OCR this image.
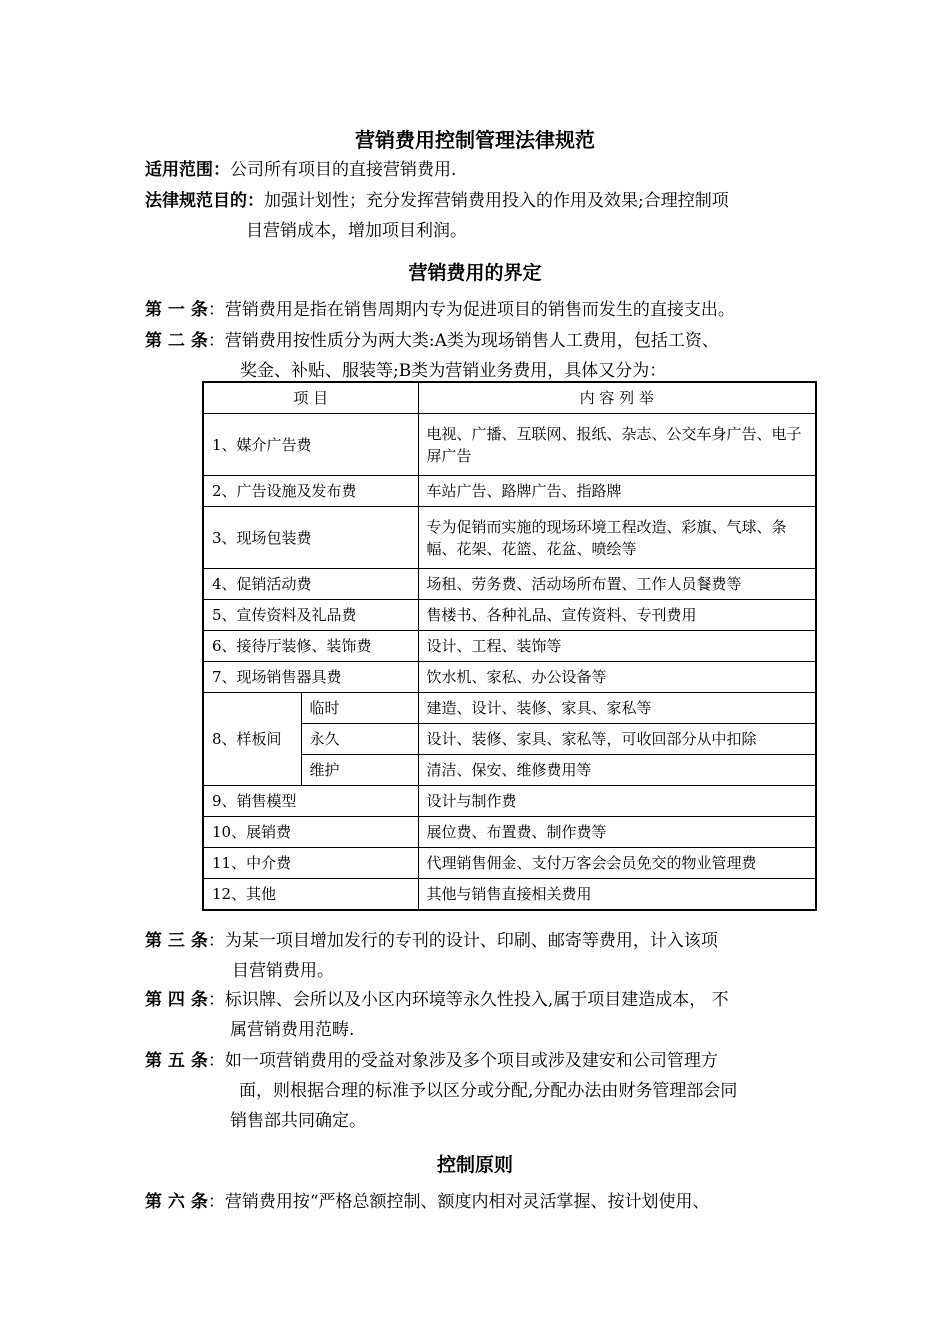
营销费用控制管理法律规范
适用范围：公司所有项目的直接营销费用.
法律规范目的：加强计划性；充分发挥营销费用投入的作用及效果;合理控制项
目营销成本，增加项目利润。
营销费用的界定
第 一 条：营销费用是指在销售周期内专为促进项目的销售而发生的直接支出。
第 二 条：营销费用按性质分为两大类:A类为现场销售人工费用，包括工资、
奖金、补贴、服装等;B类为营销业务费用，具体又分为：
项 目		内 容 列 举
1、媒介广告费		电视、广播、互联网、报纸、杂志、公交车身广告、电子屏广告
2、广告设施及发布费		车站广告、路牌广告、指路牌
3、现场包装费		专为促销而实施的现场环境工程改造、彩旗、气球、条幅、花架、花篮、花盆、喷绘等
4、促销活动费		场租、劳务费、活动场所布置、工作人员餐费等
5、宣传资料及礼品费		售楼书、各种礼品、宣传资料、专刊费用
6、接待厅装修、装饰费		设计、工程、装饰等
7、现场销售器具费		饮水机、家私、办公设备等
8、样板间	临时	建造、设计、装修、家具、家私等
	永久	设计、装修、家具、家私等，可收回部分从中扣除
	维护	清洁、保安、维修费用等
9、销售模型		设计与制作费
10、展销费		展位费、布置费、制作费等
11、中介费		代理销售佣金、支付万客会会员免交的物业管理费
12、其他		其他与销售直接相关费用
第 三 条：为某一项目增加发行的专刊的设计、印刷、邮寄等费用，计入该项
目营销费用。
第 四 条：标识牌、会所以及小区内环境等永久性投入,属于项目建造成本， 不
属营销费用范畴.
第 五 条：如一项营销费用的受益对象涉及多个项目或涉及建安和公司管理方
面，则根据合理的标准予以区分或分配,分配办法由财务管理部会同
销售部共同确定。
控制原则
第 六 条：营销费用按“严格总额控制、额度内相对灵活掌握、按计划使用、
